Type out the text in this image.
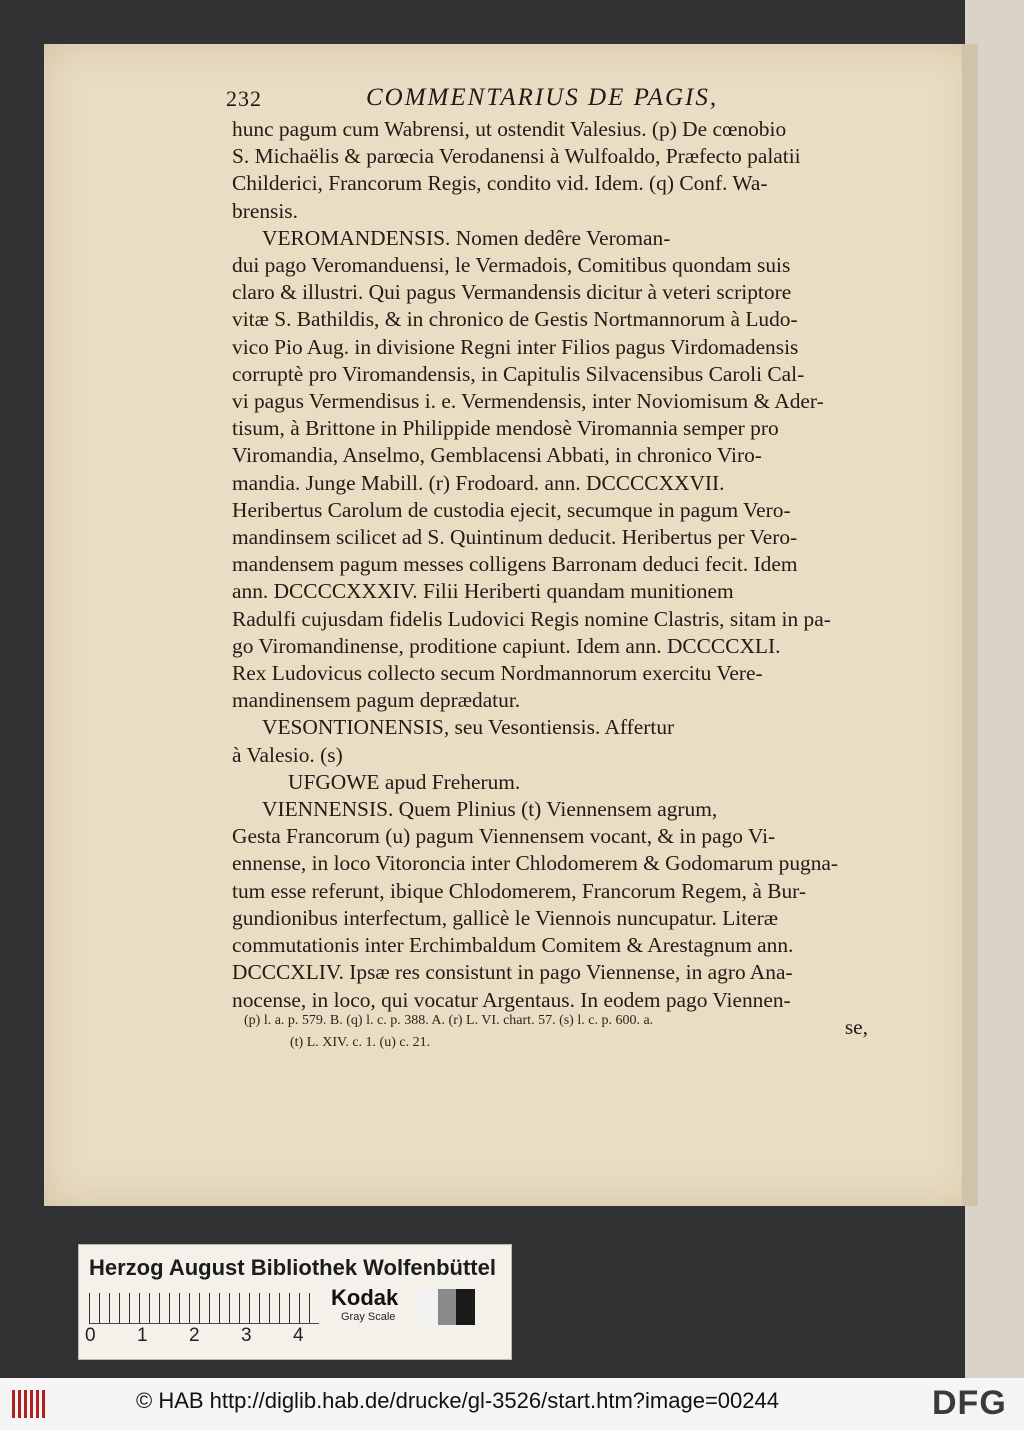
232	COMMENTARIUS DE PAGIS,

hunc pagum cum Wabrensi, ut ostendit Valesius. (p) De cœnobio

S. Michaëlis & parœcia Verodanensi à Wulfoaldo, Præfecto palatii

Childerici, Francorum Regis, condito vid. Idem. (q) Conf. Wa-

brensis.

VEROMANDENSIS. Nomen dedêre Veroman-

dui pago Veromanduensi, le Vermadois, Comitibus quondam suis

claro & illustri. Qui pagus Vermandensis dicitur à veteri scriptore

vitæ S. Bathildis, & in chronico de Gestis Nortmannorum à Ludo-

vico Pio Aug. in divisione Regni inter Filios pagus Virdomadensis

corruptè pro Viromandensis, in Capitulis Silvacensibus Caroli Cal-

vi pagus Vermendisus i. e. Vermendensis, inter Noviomisum & Ader-

tisum, à Brittone in Philippide mendosè Viromannia semper pro

Viromandia, Anselmo, Gemblacensi Abbati, in chronico Viro-

mandia. Junge Mabill. (r) Frodoard. ann. DCCCCXXVII.

Heribertus Carolum de custodia ejecit, secumque in pagum Vero-

mandinsem scilicet ad S. Quintinum deducit. Heribertus per Vero-

mandensem pagum messes colligens Barronam deduci fecit. Idem

ann. DCCCCXXXIV. Filii Heriberti quandam munitionem

Radulfi cujusdam fidelis Ludovici Regis nomine Clastris, sitam in pa-

go Viromandinense, proditione capiunt. Idem ann. DCCCCXLI.

Rex Ludovicus collecto secum Nordmannorum exercitu Vere-

mandinensem pagum deprædatur.

VESONTIONENSIS, seu Vesontiensis. Affertur

à Valesio. (s)

UFGOWE apud Freherum.

VIENNENSIS. Quem Plinius (t) Viennensem agrum,

Gesta Francorum (u) pagum Viennensem vocant, & in pago Vi-

ennense, in loco Vitoroncia inter Chlodomerem & Godomarum pugna-

tum esse referunt, ibique Chlodomerem, Francorum Regem, à Bur-

gundionibus interfectum, gallicè le Viennois nuncupatur. Literæ

commutationis inter Erchimbaldum Comitem & Arestagnum ann.

DCCCXLIV. Ipsæ res consistunt in pago Viennense, in agro Ana-

nocense, in loco, qui vocatur Argentaus. In eodem pago Viennen-

se,

(p) l. a. p. 579. B. (q) l. c. p. 388. A. (r) L. VI. chart. 57. (s) l. c. p. 600. a.

(t) L. XIV. c. 1. (u) c. 21.

Herzog August Bibliothek Wolfenbüttel
0 1 2 3 4
Kodak
Gray Scale
© HAB http://diglib.hab.de/drucke/gl-3526/start.htm?image=00244	DFG
